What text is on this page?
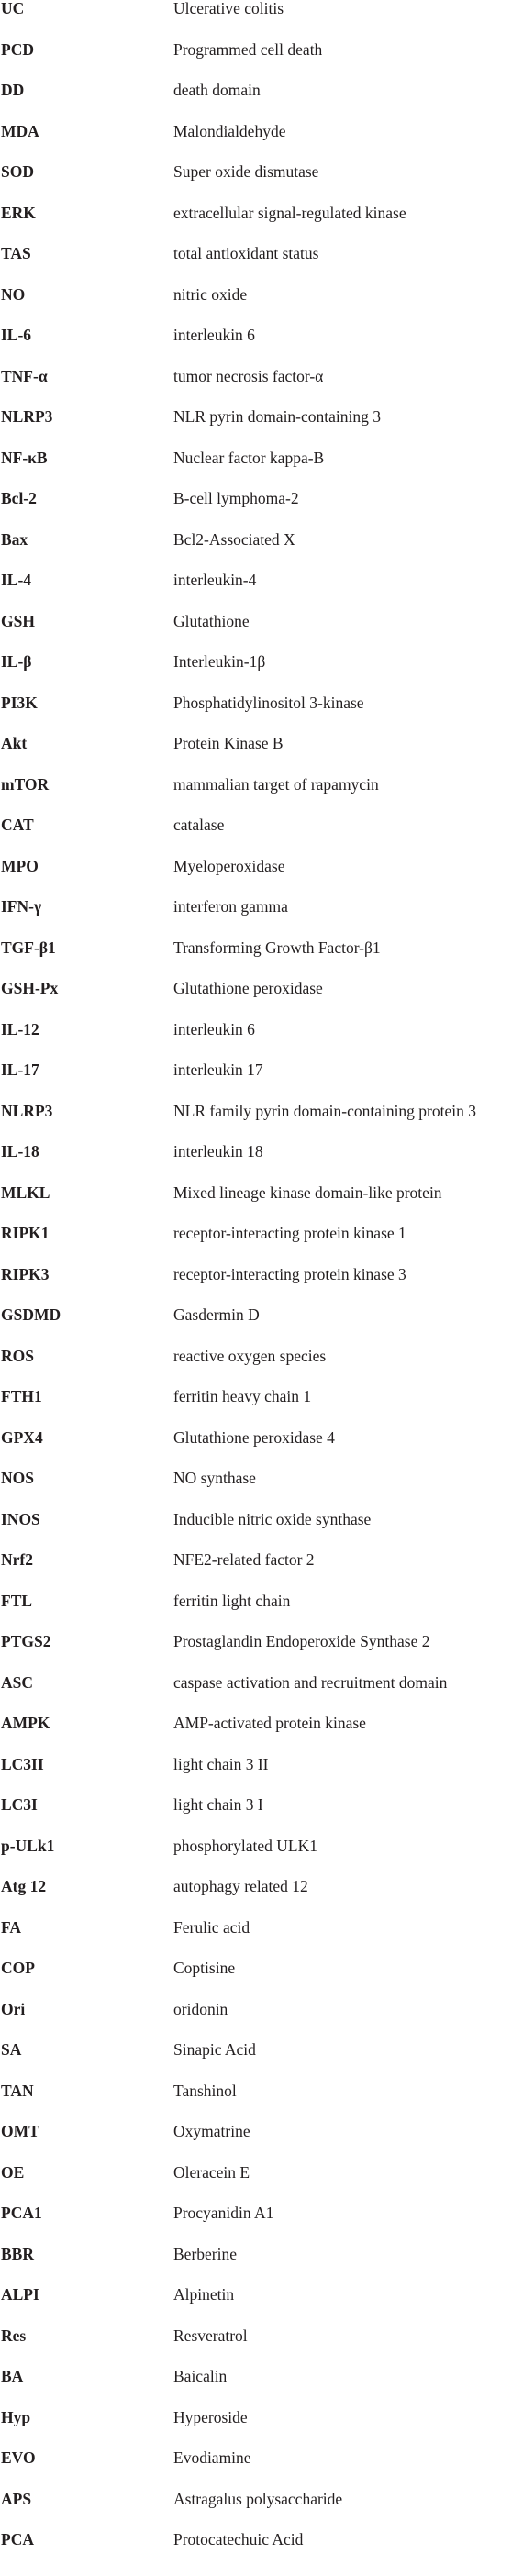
UC	Ulcerative colitis
PCD	Programmed cell death
DD	death domain
MDA	Malondialdehyde
SOD	Super oxide dismutase
ERK	extracellular signal-regulated kinase
TAS	total antioxidant status
NO	nitric oxide
IL-6	interleukin 6
TNF-α	tumor necrosis factor-α
NLRP3	NLR pyrin domain-containing 3
NF-κB	Nuclear factor kappa-B
Bcl-2	B-cell lymphoma-2
Bax	Bcl2-Associated X
IL-4	interleukin-4
GSH	Glutathione
IL-β	Interleukin-1β
PI3K	Phosphatidylinositol 3-kinase
Akt	Protein Kinase B
mTOR	mammalian target of rapamycin
CAT	catalase
MPO	Myeloperoxidase
IFN-γ	interferon gamma
TGF-β1	Transforming Growth Factor-β1
GSH-Px	Glutathione peroxidase
IL-12	interleukin 6
IL-17	interleukin 17
NLRP3	NLR family pyrin domain-containing protein 3
IL-18	interleukin 18
MLKL	Mixed lineage kinase domain-like protein
RIPK1	receptor-interacting protein kinase 1
RIPK3	receptor-interacting protein kinase 3
GSDMD	Gasdermin D
ROS	reactive oxygen species
FTH1	ferritin heavy chain 1
GPX4	Glutathione peroxidase 4
NOS	NO synthase
INOS	Inducible nitric oxide synthase
Nrf2	NFE2-related factor 2
FTL	ferritin light chain
PTGS2	Prostaglandin Endoperoxide Synthase 2
ASC	caspase activation and recruitment domain
AMPK	AMP-activated protein kinase
LC3II	light chain 3 II
LC3I	light chain 3 I
p-ULk1	phosphorylated ULK1
Atg 12	autophagy related 12
FA	Ferulic acid
COP	Coptisine
Ori	oridonin
SA	Sinapic Acid
TAN	Tanshinol
OMT	Oxymatrine
OE	Oleracein E
PCA1	Procyanidin A1
BBR	Berberine
ALPI	Alpinetin
Res	Resveratrol
BA	Baicalin
Hyp	Hyperoside
EVO	Evodiamine
APS	Astragalus polysaccharide
PCA	Protocatechuic Acid
